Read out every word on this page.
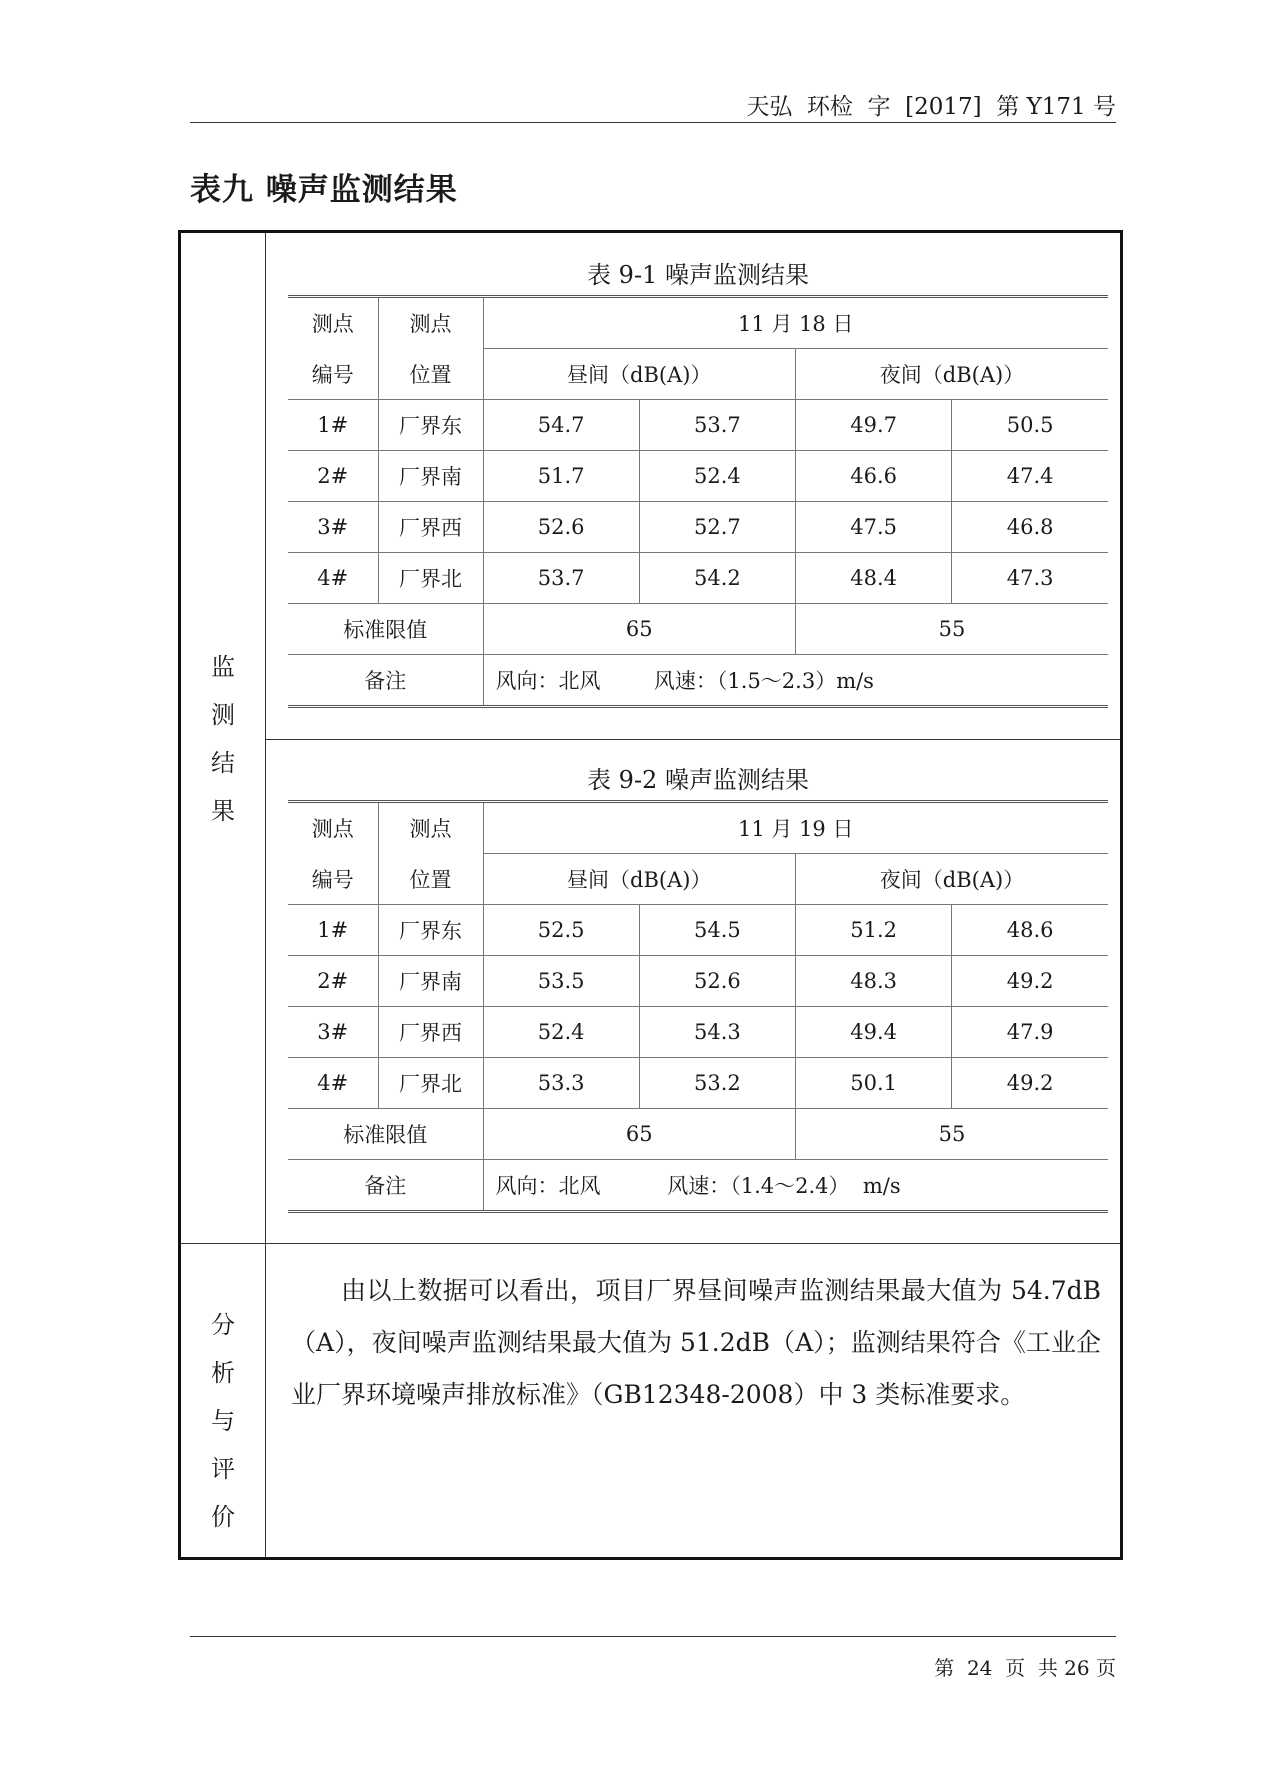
天弘  环检  字  [2017]  第 Y171 号
表九 噪声监测结果
监
测
结
果
分
析
与
评
价
表 9-1 噪声监测结果
测点	测点	11 月 18 日			
编号	位置	昼间（dB(A)）		夜间（dB(A)）	
1#	厂界东	54.7	53.7	49.7	50.5
2#	厂界南	51.7	52.4	46.6	47.4
3#	厂界西	52.6	52.7	47.5	46.8
4#	厂界北	53.7	54.2	48.4	47.3
标准限值		65		55	
备注		风向：北风        风速：（1.5～2.3）m/s			
表 9-2 噪声监测结果
测点	测点	11 月 19 日			
编号	位置	昼间（dB(A)）		夜间（dB(A)）	
1#	厂界东	52.5	54.5	51.2	48.6
2#	厂界南	53.5	52.6	48.3	49.2
3#	厂界西	52.4	54.3	49.4	47.9
4#	厂界北	53.3	53.2	50.1	49.2
标准限值		65		55	
备注		风向：北风          风速：（1.4～2.4）  m/s			
由以上数据可以看出，项目厂界昼间噪声监测结果最大值为 54.7dB（A），夜间噪声监测结果最大值为 51.2dB（A）；监测结果符合《工业企业厂界环境噪声排放标准》（GB12348-2008）中 3 类标准要求。
第  24  页  共 26 页
